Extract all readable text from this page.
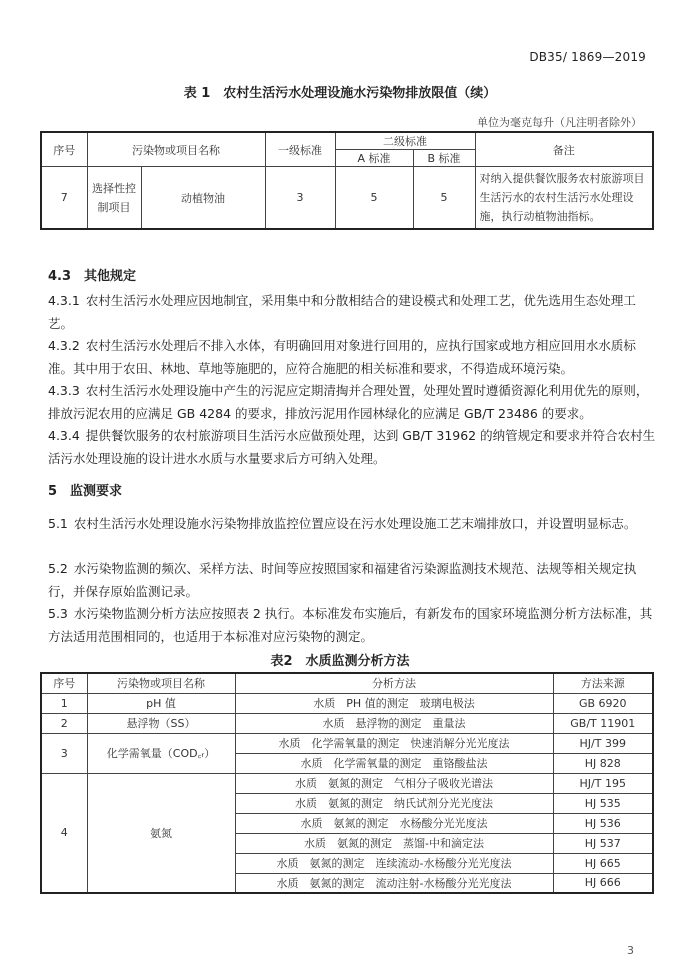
DB35/ 1869—2019
表 1　农村生活污水处理设施水污染物排放限值（续）
单位为毫克每升（凡注明者除外）
序号	污染物或项目名称		一级标准	二级标准		备注
				A 标准	B 标准	
7	选择性控制项目	动植物油	3	5	5	对纳入提供餐饮服务农村旅游项目生活污水的农村生活污水处理设施，执行动植物油指标。
4.3　其他规定
4.3.1 农村生活污水处理应因地制宜，采用集中和分散相结合的建设模式和处理工艺，优先选用生态处理工艺。
4.3.2 农村生活污水处理后不排入水体，有明确回用对象进行回用的，应执行国家或地方相应回用水水质标准。其中用于农田、林地、草地等施肥的，应符合施肥的相关标准和要求，不得造成环境污染。
4.3.3 农村生活污水处理设施中产生的污泥应定期清掏并合理处置，处理处置时遵循资源化利用优先的原则，排放污泥农用的应满足 GB 4284 的要求，排放污泥用作园林绿化的应满足 GB/T 23486 的要求。
4.3.4 提供餐饮服务的农村旅游项目生活污水应做预处理，达到 GB/T 31962 的纳管规定和要求并符合农村生活污水处理设施的设计进水水质与水量要求后方可纳入处理。
5　监测要求
5.1 农村生活污水处理设施水污染物排放监控位置应设在污水处理设施工艺末端排放口，并设置明显标志。
5.2 水污染物监测的频次、采样方法、时间等应按照国家和福建省污染源监测技术规范、法规等相关规定执行，并保存原始监测记录。
5.3 水污染物监测分析方法应按照表 2 执行。本标准发布实施后，有新发布的国家环境监测分析方法标准，其方法适用范围相同的，也适用于本标准对应污染物的测定。
表2　水质监测分析方法
序号	污染物或项目名称	分析方法	方法来源
1	pH 值	水质　PH 值的测定　玻璃电极法	GB 6920
2	悬浮物（SS）	水质　悬浮物的测定　重量法	GB/T 11901
3	化学需氧量（COD꜀ᵣ）	水质　化学需氧量的测定　快速消解分光光度法	HJ/T 399
		水质　化学需氧量的测定　重铬酸盐法	HJ 828
4	氨氮	水质　氨氮的测定　气相分子吸收光谱法	HJ/T 195
		水质　氨氮的测定　纳氏试剂分光光度法	HJ 535
		水质　氨氮的测定　水杨酸分光光度法	HJ 536
		水质　氨氮的测定　蒸馏-中和滴定法	HJ 537
		水质　氨氮的测定　连续流动-水杨酸分光光度法	HJ 665
		水质　氨氮的测定　流动注射-水杨酸分光光度法	HJ 666
3
